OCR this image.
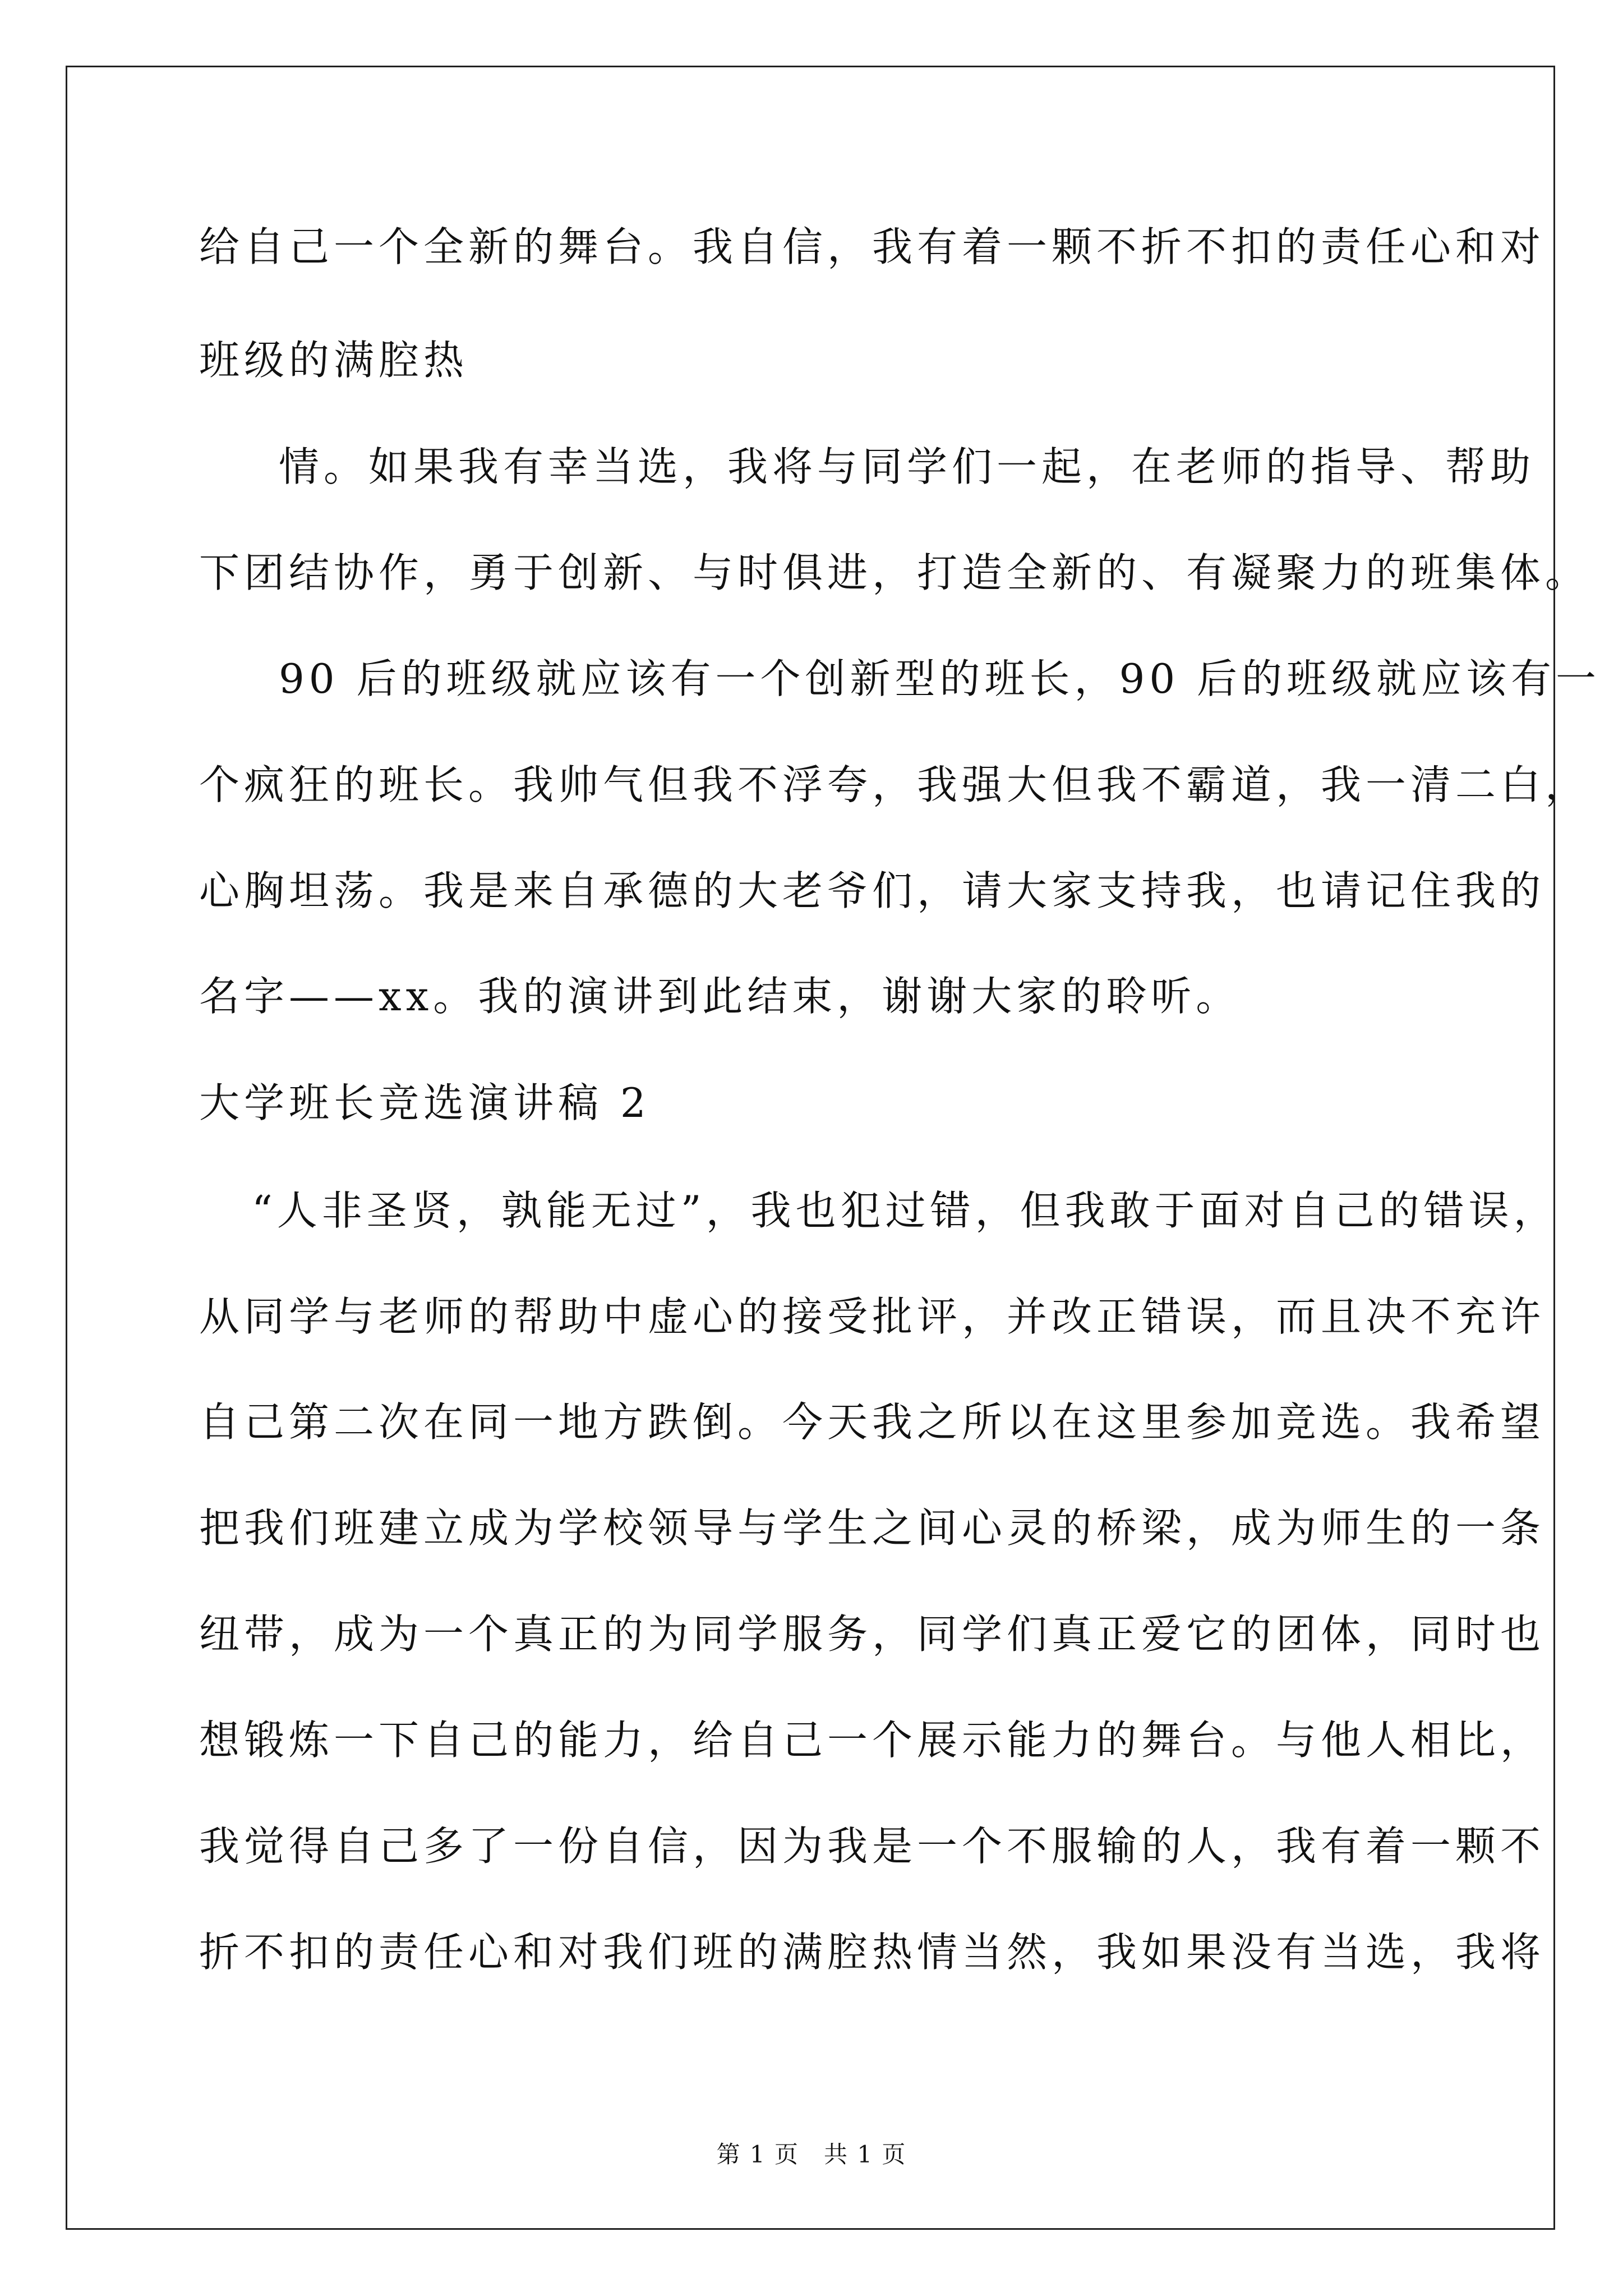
给自己一个全新的舞台。我自信，我有着一颗不折不扣的责任心和对
班级的满腔热
情。如果我有幸当选，我将与同学们一起，在老师的指导、帮助
下团结协作，勇于创新、与时俱进，打造全新的、有凝聚力的班集体。
90 后的班级就应该有一个创新型的班长，90 后的班级就应该有一
个疯狂的班长。我帅气但我不浮夸，我强大但我不霸道，我一清二白，
心胸坦荡。我是来自承德的大老爷们，请大家支持我，也请记住我的
名字——xx。我的演讲到此结束，谢谢大家的聆听。
大学班长竞选演讲稿 2
“人非圣贤，孰能无过”，我也犯过错，但我敢于面对自己的错误，
从同学与老师的帮助中虚心的接受批评，并改正错误，而且决不充许
自己第二次在同一地方跌倒。今天我之所以在这里参加竞选。我希望
把我们班建立成为学校领导与学生之间心灵的桥梁，成为师生的一条
纽带，成为一个真正的为同学服务，同学们真正爱它的团体，同时也
想锻炼一下自己的能力，给自己一个展示能力的舞台。与他人相比，
我觉得自己多了一份自信，因为我是一个不服输的人，我有着一颗不
折不扣的责任心和对我们班的满腔热情当然，我如果没有当选，我将
第 1 页　共 1 页
